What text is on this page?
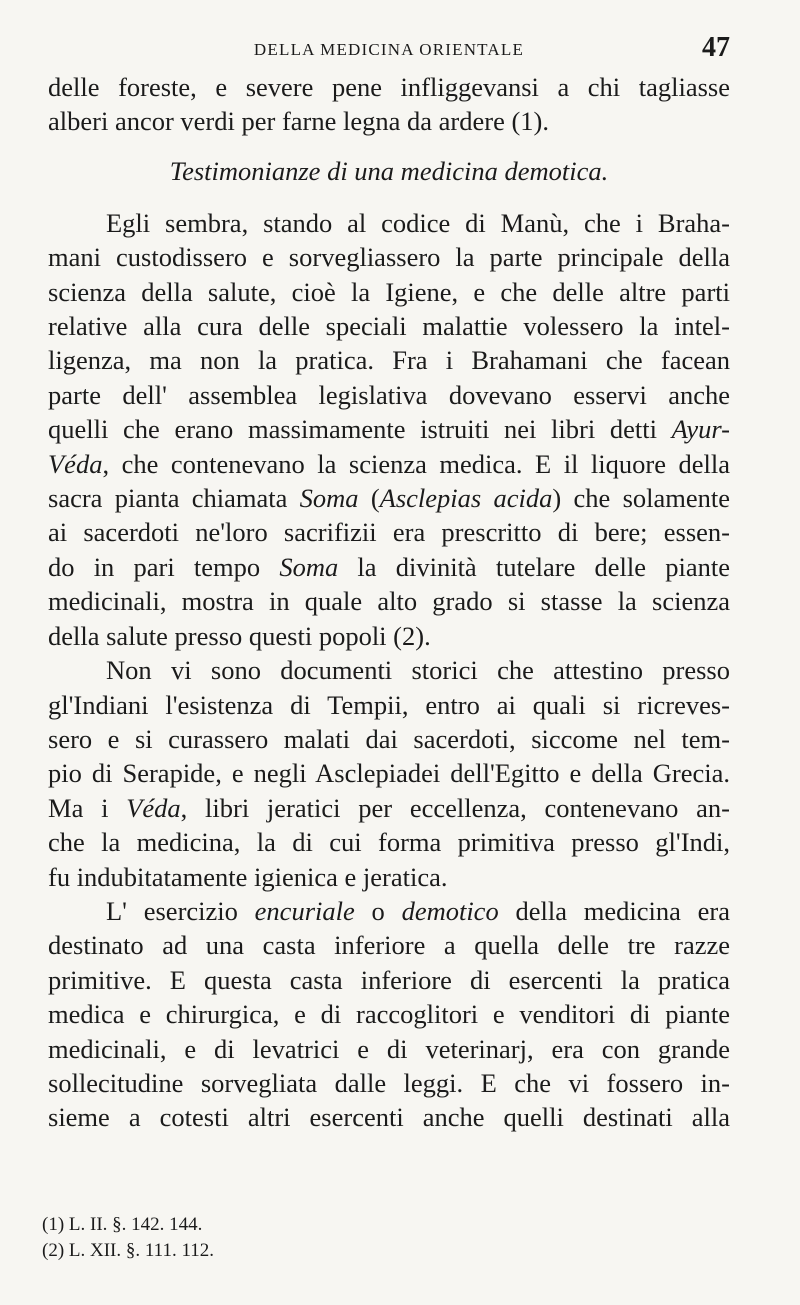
DELLA MEDICINA ORIENTALE	47

delle foreste, e severe pene infliggevansi a chi tagliasse

alberi ancor verdi per farne legna da ardere (1).

Testimonianze di una medicina demotica.

Egli sembra, stando al codice di Manù, che i Braha-

mani custodissero e sorvegliassero la parte principale della

scienza della salute, cioè la Igiene, e che delle altre parti

relative alla cura delle speciali malattie volessero la intel-

ligenza, ma non la pratica. Fra i Brahamani che facean

parte dell' assemblea legislativa dovevano esservi anche

quelli che erano massimamente istruiti nei libri detti Ayur-

Véda, che contenevano la scienza medica. E il liquore della

sacra pianta chiamata Soma (Asclepias acida) che solamente

ai sacerdoti ne'loro sacrifizii era prescritto di bere; essen-

do in pari tempo Soma la divinità tutelare delle piante

medicinali, mostra in quale alto grado si stasse la scienza

della salute presso questi popoli (2).

Non vi sono documenti storici che attestino presso

gl'Indiani l'esistenza di Tempii, entro ai quali si ricreves-

sero e si curassero malati dai sacerdoti, siccome nel tem-

pio di Serapide, e negli Asclepiadei dell'Egitto e della Grecia.

Ma i Véda, libri jeratici per eccellenza, contenevano an-

che la medicina, la di cui forma primitiva presso gl'Indi,

fu indubitatamente igienica e jeratica.

L' esercizio encuriale o demotico della medicina era

destinato ad una casta inferiore a quella delle tre razze

primitive. E questa casta inferiore di esercenti la pratica

medica e chirurgica, e di raccoglitori e venditori di piante

medicinali, e di levatrici e di veterinarj, era con grande

sollecitudine sorvegliata dalle leggi. E che vi fossero in-

sieme a cotesti altri esercenti anche quelli destinati alla

(1) L. II. §. 142. 144.
(2) L. XII. §. 111. 112.
